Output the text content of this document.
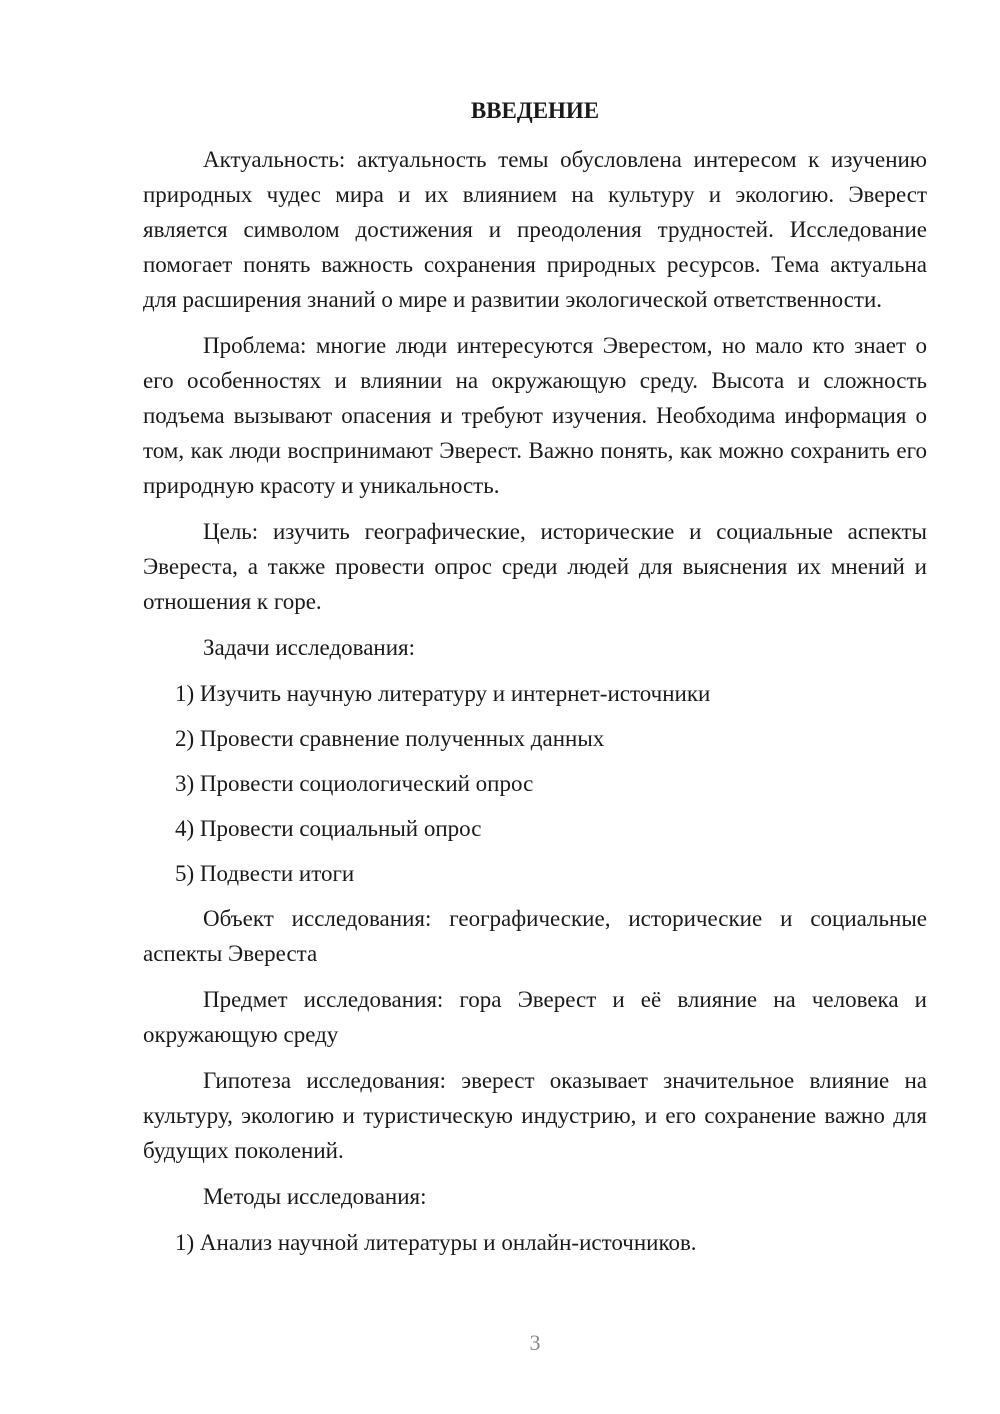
ВВЕДЕНИЕ

Актуальность: актуальность темы обусловлена интересом к изучению природных чудес мира и их влиянием на культуру и экологию. Эверест является символом достижения и преодоления трудностей. Исследование помогает понять важность сохранения природных ресурсов. Тема актуальна для расширения знаний о мире и развитии экологической ответственности.

Проблема: многие люди интересуются Эверестом, но мало кто знает о его особенностях и влиянии на окружающую среду. Высота и сложность подъема вызывают опасения и требуют изучения. Необходима информация о том, как люди воспринимают Эверест. Важно понять, как можно сохранить его природную красоту и уникальность.

Цель: изучить географические, исторические и социальные аспекты Эвереста, а также провести опрос среди людей для выяснения их мнений и отношения к горе.

Задачи исследования:

1) Изучить научную литературу и интернет-источники

2) Провести сравнение полученных данных

3) Провести социологический опрос

4) Провести социальный опрос

5) Подвести итоги

Объект исследования: географические, исторические и социальные аспекты Эвереста

Предмет исследования: гора Эверест и её влияние на человека и окружающую среду

Гипотеза исследования: эверест оказывает значительное влияние на культуру, экологию и туристическую индустрию, и его сохранение важно для будущих поколений.

Методы исследования:

1) Анализ научной литературы и онлайн-источников.

3
